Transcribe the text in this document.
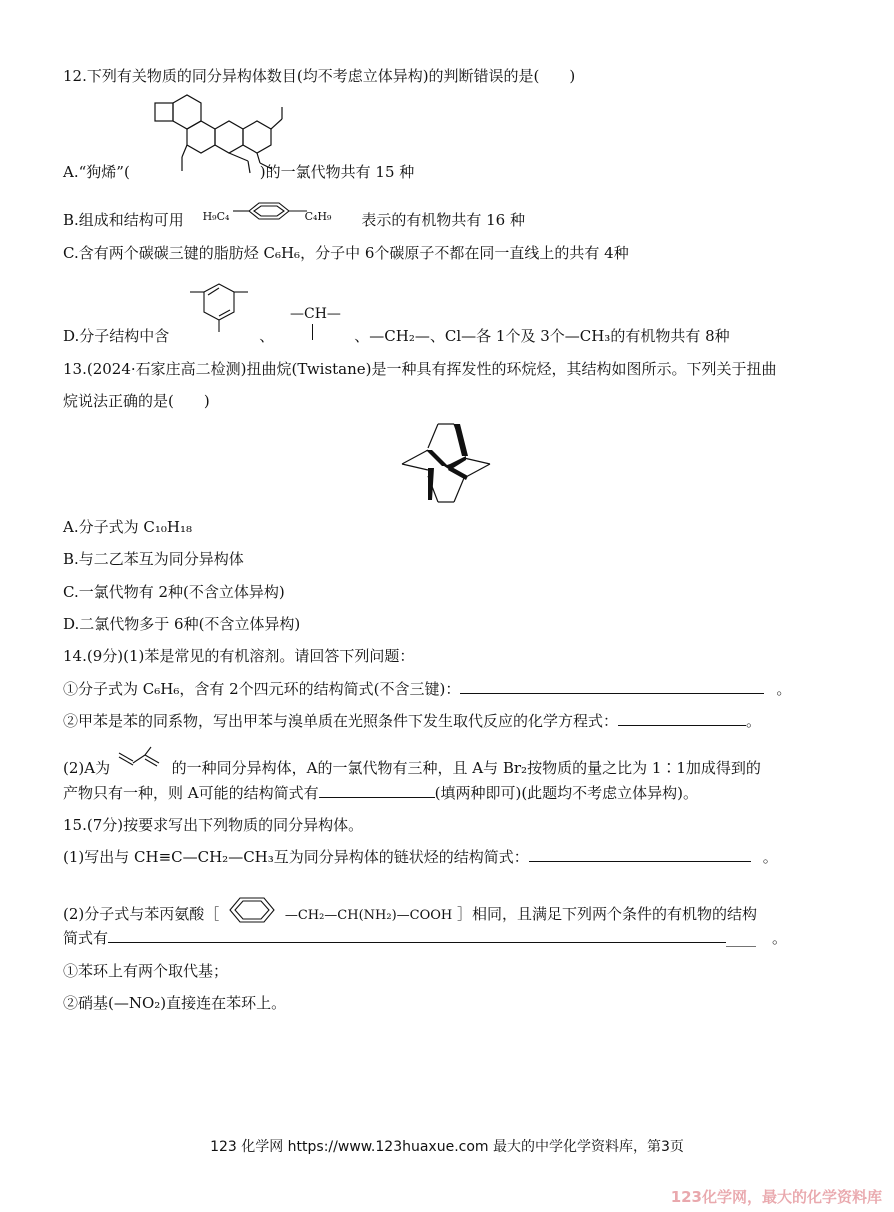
12.下列有关物质的同分异构体数目(均不考虑立体异构)的判断错误的是(　　)
A.“狗烯”(	)的一氯代物共有 15 种
B.组成和结构可用 H₉C₄	C₄H₉ 表示的有机物共有 16 种
C.含有两个碳碳三键的脂肪烃 C₆H₆，分子中 6个碳原子不都在同一直线上的共有 4种
—CH—
D.分子结构中含	、	、—CH₂—、Cl—各 1个及 3个—CH₃的有机物共有 8种
13.(2024·石家庄高二检测)扭曲烷(Twistane)是一种具有挥发性的环烷烃，其结构如图所示。下列关于扭曲
烷说法正确的是(　　)
A.分子式为 C₁₀H₁₈
B.与二乙苯互为同分异构体
C.一氯代物有 2种(不含立体异构)
D.二氯代物多于 6种(不含立体异构)
14.(9分)(1)苯是常见的有机溶剂。请回答下列问题：
①分子式为 C₆H₆，含有 2个四元环的结构简式(不含三键)：	。
②甲苯是苯的同系物，写出甲苯与溴单质在光照条件下发生取代反应的化学方程式：	。
(2)A为	的一种同分异构体，A的一氯代物有三种，且 A与 Br₂按物质的量之比为 1∶1加成得到的
产物只有一种，则 A可能的结构简式有	(填两种即可)(此题均不考虑立体异构)。
15.(7分)按要求写出下列物质的同分异构体。
(1)写出与 CH≡C—CH₂—CH₃互为同分异构体的链状烃的结构简式：	。
(2)分子式与苯丙氨酸［	—CH₂—CH(NH₂)—COOH ］相同，且满足下列两个条件的有机物的结构
简式有	____ 。
①苯环上有两个取代基；
②硝基(—NO₂)直接连在苯环上。
123 化学网 https://www.123huaxue.com 最大的中学化学资料库，第3页
123化学网，最大的化学资料库
